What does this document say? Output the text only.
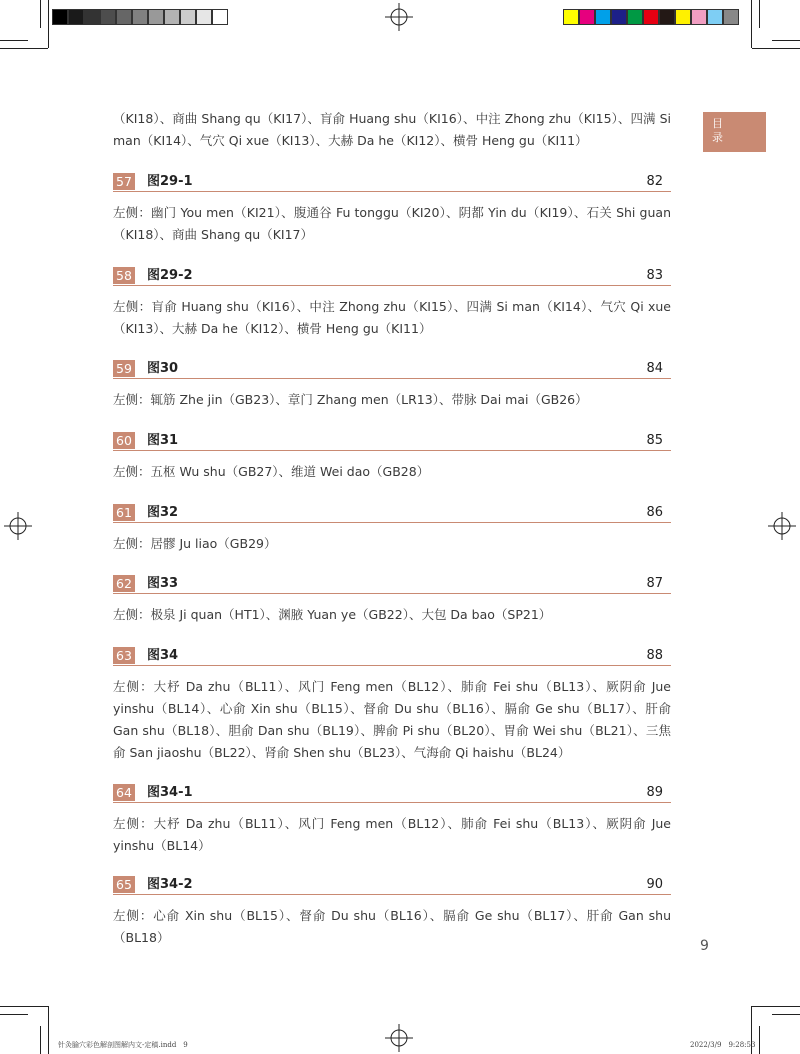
目
录

（KI18）、商曲 Shang qu（KI17）、肓俞 Huang shu（KI16）、中注 Zhong zhu（KI15）、四满 Si man（KI14）、气穴 Qi xue（KI13）、大赫 Da he（KI12）、横骨 Heng gu（KI11）

57 图29-1	82

左侧：幽门 You men（KI21）、腹通谷 Fu tonggu（KI20）、阴都 Yin du（KI19）、石关 Shi guan（KI18）、商曲 Shang qu（KI17）

58 图29-2	83

左侧：肓俞 Huang shu（KI16）、中注 Zhong zhu（KI15）、四满 Si man（KI14）、气穴 Qi xue（KI13）、大赫 Da he（KI12）、横骨 Heng gu（KI11）

59 图30	84

左侧：辄筋 Zhe jin（GB23）、章门 Zhang men（LR13）、带脉 Dai mai（GB26）

60 图31	85

左侧：五枢 Wu shu（GB27）、维道 Wei dao（GB28）

61 图32	86

左侧：居髎 Ju liao（GB29）

62 图33	87

左侧：极泉 Ji quan（HT1）、渊腋 Yuan ye（GB22）、大包 Da bao（SP21）

63 图34	88

左侧：大杼 Da zhu（BL11）、风门 Feng men（BL12）、肺俞 Fei shu（BL13）、厥阴俞 Jue yinshu（BL14）、心俞 Xin shu（BL15）、督俞 Du shu（BL16）、膈俞 Ge shu（BL17）、肝俞 Gan shu（BL18）、胆俞 Dan shu（BL19）、脾俞 Pi shu（BL20）、胃俞 Wei shu（BL21）、三焦俞 San jiaoshu（BL22）、肾俞 Shen shu（BL23）、气海俞 Qi haishu（BL24）

64 图34-1	89

左侧：大杼 Da zhu（BL11）、风门 Feng men（BL12）、肺俞 Fei shu（BL13）、厥阴俞 Jue yinshu（BL14）

65 图34-2	90

左侧：心俞 Xin shu（BL15）、督俞 Du shu（BL16）、膈俞 Ge shu（BL17）、肝俞 Gan shu（BL18）

9
针灸腧穴彩色解剖图解内文-定稿.indd　9	2022/3/9　9:28:53
